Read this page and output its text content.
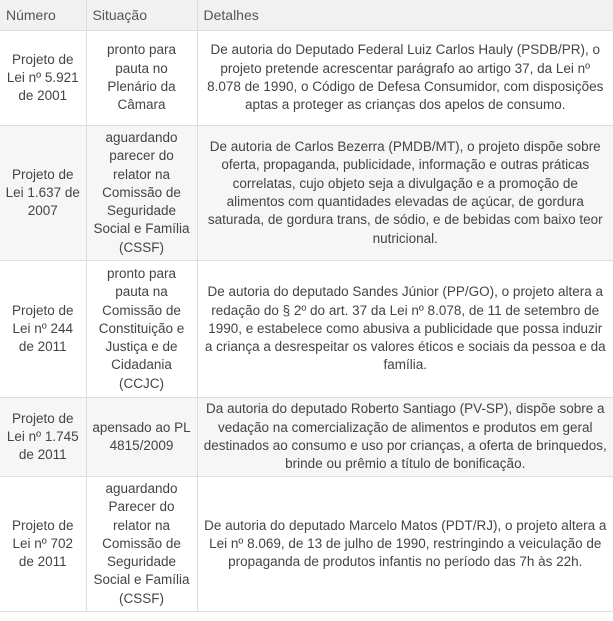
Número	Situação	Detalhes
Projeto de Lei nº 5.921 de 2001	pronto para pauta no Plenário da Câmara	De autoria do Deputado Federal Luiz Carlos Hauly (PSDB/PR), o projeto pretende acrescentar parágrafo ao artigo 37, da Lei nº 8.078 de 1990, o Código de Defesa Consumidor, com disposições aptas a proteger as crianças dos apelos de consumo.
Projeto de Lei 1.637 de 2007	aguardando parecer do relator na Comissão de Seguridade Social e Família (CSSF)	De autoria de Carlos Bezerra (PMDB/MT), o projeto dispõe sobre oferta, propaganda, publicidade, informação e outras práticas correlatas, cujo objeto seja a divulgação e a promoção de alimentos com quantidades elevadas de açúcar, de gordura saturada, de gordura trans, de sódio, e de bebidas com baixo teor nutricional.
Projeto de Lei nº 244 de 2011	pronto para pauta na Comissão de Constituição e Justiça e de Cidadania (CCJC)	De autoria do deputado Sandes Júnior (PP/GO), o projeto altera a redação do § 2º do art. 37 da Lei nº 8.078, de 11 de setembro de 1990, e estabelece como abusiva a publicidade que possa induzir a criança a desrespeitar os valores éticos e sociais da pessoa e da família.
Projeto de Lei nº 1.745 de 2011	apensado ao PL 4815/2009	Da autoria do deputado Roberto Santiago (PV-SP), dispõe sobre a vedação na comercialização de alimentos e produtos em geral destinados ao consumo e uso por crianças, a oferta de brinquedos, brinde ou prêmio a título de bonificação.
Projeto de Lei nº 702 de 2011	aguardando Parecer do relator na Comissão de Seguridade Social e Família (CSSF)	De autoria do deputado Marcelo Matos (PDT/RJ), o projeto altera a Lei nº 8.069, de 13 de julho de 1990, restringindo a veiculação de propaganda de produtos infantis no período das 7h às 22h.
